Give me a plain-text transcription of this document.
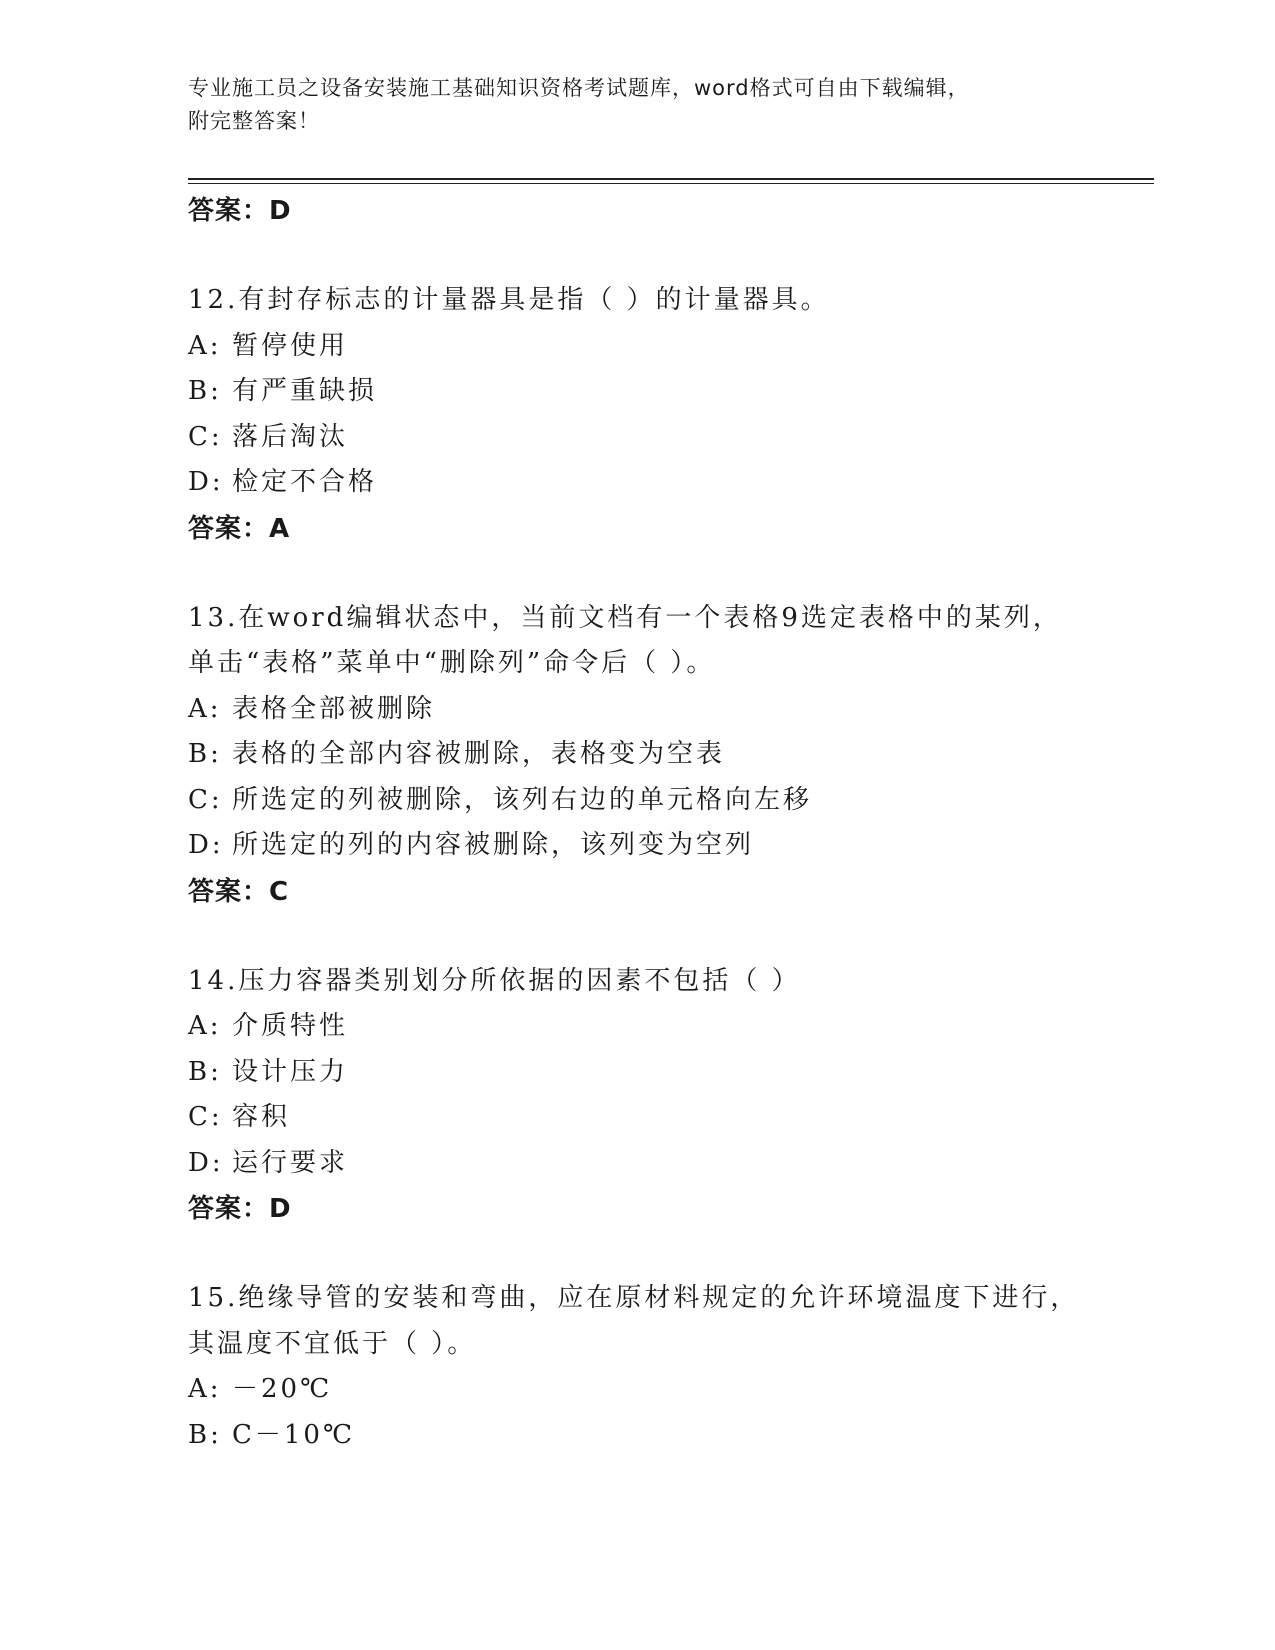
专业施工员之设备安装施工基础知识资格考试题库，word格式可自由下载编辑，
附完整答案！
答案：D
12.有封存标志的计量器具是指（ ）的计量器具。
A: 暂停使用
B: 有严重缺损
C: 落后淘汰
D: 检定不合格
答案：A
13.在word编辑状态中，当前文档有一个表格9选定表格中的某列，
单击“表格”菜单中“删除列”命令后（ ）。
A: 表格全部被删除
B: 表格的全部内容被删除，表格变为空表
C: 所选定的列被删除，该列右边的单元格向左移
D: 所选定的列的内容被删除，该列变为空列
答案：C
14.压力容器类别划分所依据的因素不包括（ ）
A: 介质特性
B: 设计压力
C: 容积
D: 运行要求
答案：D
15.绝缘导管的安装和弯曲，应在原材料规定的允许环境温度下进行，
其温度不宜低于（ ）。
A: －20℃
B: C－10℃
